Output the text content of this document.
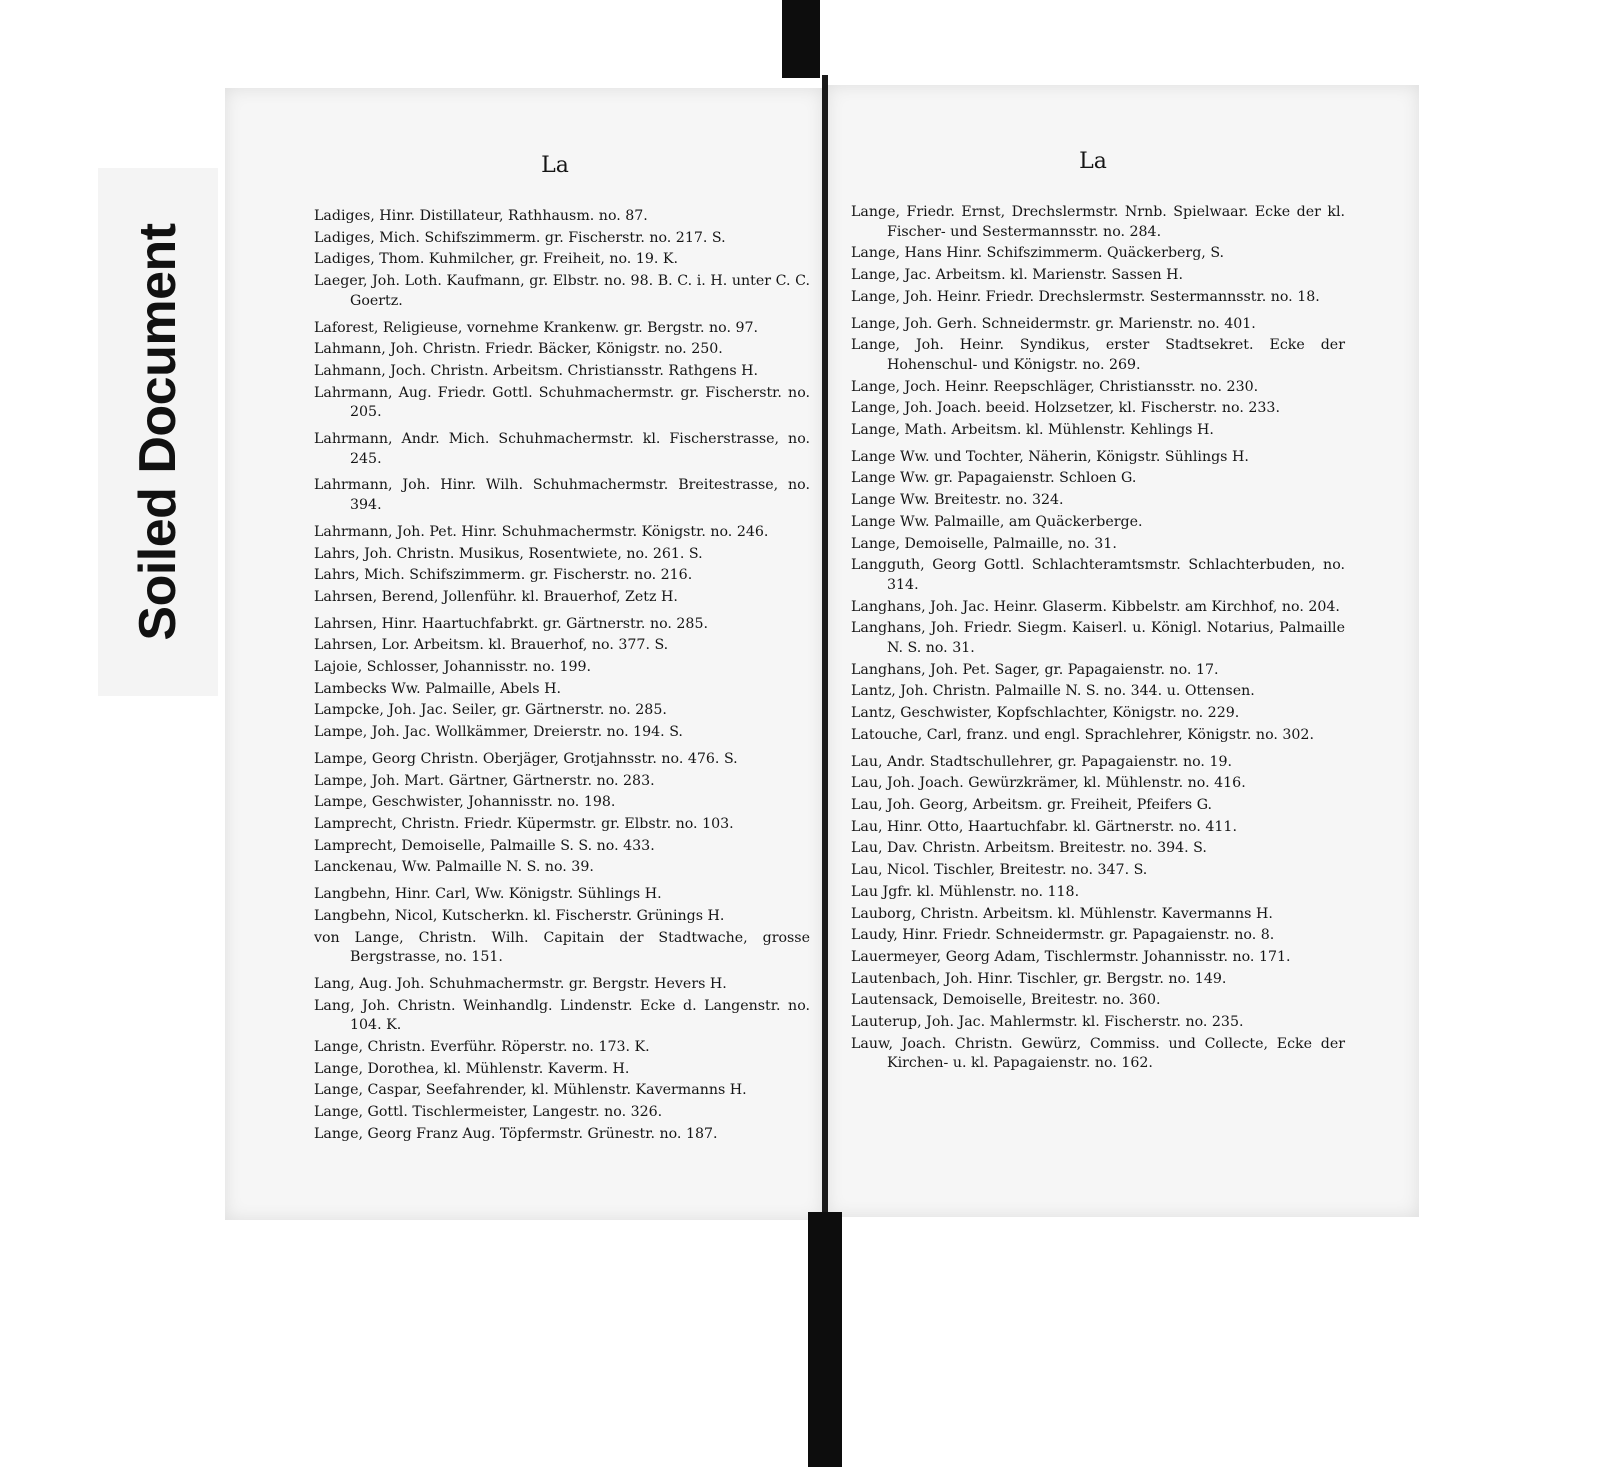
Soiled Document
La	La
Ladiges, Hinr. Distillateur, Rathhausm. no. 87.
Ladiges, Mich. Schifszimmerm. gr. Fischerstr. no. 217. S.
Ladiges, Thom. Kuhmilcher, gr. Freiheit, no. 19. K.
Laeger, Joh. Loth. Kaufmann, gr. Elbstr. no. 98. B. C. i. H. unter C. C. Goertz.
Laforest, Religieuse, vornehme Krankenw. gr. Bergstr. no. 97.
Lahmann, Joh. Christn. Friedr. Bäcker, Königstr. no. 250.
Lahmann, Joch. Christn. Arbeitsm. Christiansstr. Rathgens H.
Lahrmann, Aug. Friedr. Gottl. Schuhmachermstr. gr. Fischerstr. no. 205.
Lahrmann, Andr. Mich. Schuhmachermstr. kl. Fischerstrasse, no. 245.
Lahrmann, Joh. Hinr. Wilh. Schuhmachermstr. Breitestrasse, no. 394.
Lahrmann, Joh. Pet. Hinr. Schuhmachermstr. Königstr. no. 246.
Lahrs, Joh. Christn. Musikus, Rosentwiete, no. 261. S.
Lahrs, Mich. Schifszimmerm. gr. Fischerstr. no. 216.
Lahrsen, Berend, Jollenführ. kl. Brauerhof, Zetz H.
Lahrsen, Hinr. Haartuchfabrkt. gr. Gärtnerstr. no. 285.
Lahrsen, Lor. Arbeitsm. kl. Brauerhof, no. 377. S.
Lajoie, Schlosser, Johannisstr. no. 199.
Lambecks Ww. Palmaille, Abels H.
Lampcke, Joh. Jac. Seiler, gr. Gärtnerstr. no. 285.
Lampe, Joh. Jac. Wollkämmer, Dreierstr. no. 194. S.
Lampe, Georg Christn. Oberjäger, Grotjahnsstr. no. 476. S.
Lampe, Joh. Mart. Gärtner, Gärtnerstr. no. 283.
Lampe, Geschwister, Johannisstr. no. 198.
Lamprecht, Christn. Friedr. Küpermstr. gr. Elbstr. no. 103.
Lamprecht, Demoiselle, Palmaille S. S. no. 433.
Lanckenau, Ww. Palmaille N. S. no. 39.
Langbehn, Hinr. Carl, Ww. Königstr. Sühlings H.
Langbehn, Nicol, Kutscherkn. kl. Fischerstr. Grünings H.
von Lange, Christn. Wilh. Capitain der Stadtwache, grosse Bergstrasse, no. 151.
Lang, Aug. Joh. Schuhmachermstr. gr. Bergstr. Hevers H.
Lang, Joh. Christn. Weinhandlg. Lindenstr. Ecke d. Langenstr. no. 104. K.
Lange, Christn. Everführ. Röperstr. no. 173. K.
Lange, Dorothea, kl. Mühlenstr. Kaverm. H.
Lange, Caspar, Seefahrender, kl. Mühlenstr. Kavermanns H.
Lange, Gottl. Tischlermeister, Langestr. no. 326.
Lange, Georg Franz Aug. Töpfermstr. Grünestr. no. 187.
Lange, Friedr. Ernst, Drechslermstr. Nrnb. Spielwaar. Ecke der kl. Fischer- und Sestermannsstr. no. 284.
Lange, Hans Hinr. Schifszimmerm. Quäckerberg, S.
Lange, Jac. Arbeitsm. kl. Marienstr. Sassen H.
Lange, Joh. Heinr. Friedr. Drechslermstr. Sestermannsstr. no. 18.
Lange, Joh. Gerh. Schneidermstr. gr. Marienstr. no. 401.
Lange, Joh. Heinr. Syndikus, erster Stadtsekret. Ecke der Hohenschul- und Königstr. no. 269.
Lange, Joch. Heinr. Reepschläger, Christiansstr. no. 230.
Lange, Joh. Joach. beeid. Holzsetzer, kl. Fischerstr. no. 233.
Lange, Math. Arbeitsm. kl. Mühlenstr. Kehlings H.
Lange Ww. und Tochter, Näherin, Königstr. Sühlings H.
Lange Ww. gr. Papagaienstr. Schloen G.
Lange Ww. Breitestr. no. 324.
Lange Ww. Palmaille, am Quäckerberge.
Lange, Demoiselle, Palmaille, no. 31.
Langguth, Georg Gottl. Schlachteramtsmstr. Schlachterbuden, no. 314.
Langhans, Joh. Jac. Heinr. Glaserm. Kibbelstr. am Kirchhof, no. 204.
Langhans, Joh. Friedr. Siegm. Kaiserl. u. Königl. Notarius, Palmaille N. S. no. 31.
Langhans, Joh. Pet. Sager, gr. Papagaienstr. no. 17.
Lantz, Joh. Christn. Palmaille N. S. no. 344. u. Ottensen.
Lantz, Geschwister, Kopfschlachter, Königstr. no. 229.
Latouche, Carl, franz. und engl. Sprachlehrer, Königstr. no. 302.
Lau, Andr. Stadtschullehrer, gr. Papagaienstr. no. 19.
Lau, Joh. Joach. Gewürzkrämer, kl. Mühlenstr. no. 416.
Lau, Joh. Georg, Arbeitsm. gr. Freiheit, Pfeifers G.
Lau, Hinr. Otto, Haartuchfabr. kl. Gärtnerstr. no. 411.
Lau, Dav. Christn. Arbeitsm. Breitestr. no. 394. S.
Lau, Nicol. Tischler, Breitestr. no. 347. S.
Lau Jgfr. kl. Mühlenstr. no. 118.
Lauborg, Christn. Arbeitsm. kl. Mühlenstr. Kavermanns H.
Laudy, Hinr. Friedr. Schneidermstr. gr. Papagaienstr. no. 8.
Lauermeyer, Georg Adam, Tischlermstr. Johannisstr. no. 171.
Lautenbach, Joh. Hinr. Tischler, gr. Bergstr. no. 149.
Lautensack, Demoiselle, Breitestr. no. 360.
Lauterup, Joh. Jac. Mahlermstr. kl. Fischerstr. no. 235.
Lauw, Joach. Christn. Gewürz, Commiss. und Collecte, Ecke der Kirchen- u. kl. Papagaienstr. no. 162.
